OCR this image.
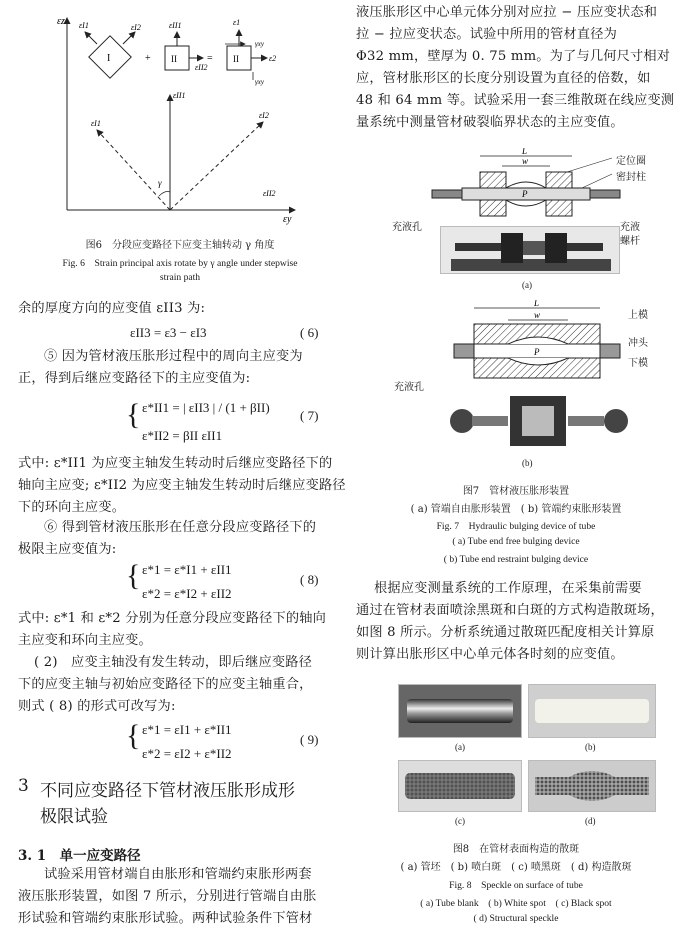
εz
εy
I
εI1	εI2
+ II
εII1
εII2
= II
ε1
ε2
γxy
γxy
εII1
εII2
εI1
εI2
γ
图6　分段应变路径下应变主轴转动 γ 角度
Fig. 6　Strain principal axis rotate by γ angle under stepwise
strain path
余的厚度方向的应变值 εII3 为:
εII3 = ε3 − εI3	( 6)
⑤ 因为管材液压胀形过程中的周向主应变为
正，得到后继应变路径下的主应变值为:
{ ε*II1 = | εII3 | / (1 + βII)
ε*II2 = βII εII1
( 7)
式中: ε*II1 为应变主轴发生转动时后继应变路径下的
轴向主应变; ε*II2 为应变主轴发生转动时后继应变路径
下的环向主应变。
⑥ 得到管材液压胀形在任意分段应变路径下的
极限主应变值为:
{ ε*1 = ε*I1 + εII1
ε*2 = ε*I2 + εII2
( 8)
式中: ε*1 和 ε*2 分别为任意分段应变路径下的轴向
主应变和环向主应变。
( 2)　应变主轴没有发生转动，即后继应变路径
下的应变主轴与初始应变路径下的应变主轴重合，
则式 ( 8) 的形式可改写为:
{ ε*1 = εI1 + ε*II1
ε*2 = εI2 + ε*II2
( 9)
3 不同应变路径下管材液压胀形成形
极限试验
3. 1　单一应变路径
试验采用管材端自由胀形和管端约束胀形两套
液压胀形装置，如图 7 所示，分别进行管端自由胀
形试验和管端约束胀形试验。两种试验条件下管材
液压胀形区中心单元体分别对应拉 − 压应变状态和
拉 − 拉应变状态。试验中所用的管材直径为
Φ32 mm，壁厚为 0. 75 mm。为了与几何尺寸相对
应，管材胀形区的长度分别设置为直径的倍数，如
48 和 64 mm 等。试验采用一套三维散斑在线应变测
量系统中测量管材破裂临界状态的主应变值。
L
w
P
定位圈
密封柱
充液孔	充液
螺杆
(a)
L
w
P
上模
冲头
下模
充液孔
(b)
图7　管材液压胀形装置
( a) 管端自由胀形装置　( b) 管端约束胀形装置
Fig. 7　Hydraulic bulging device of tube
( a) Tube end free bulging device
( b) Tube end restraint bulging device
根据应变测量系统的工作原理，在采集前需要
通过在管材表面喷涂黑斑和白斑的方式构造散斑场，
如图 8 所示。分析系统通过散斑匹配度相关计算原
则计算出胀形区中心单元体各时刻的应变值。
(a)	(b)
(c)	(d)
图8　在管材表面构造的散斑
( a) 管坯　( b) 喷白斑　( c) 喷黑斑　( d) 构造散斑
Fig. 8　Speckle on surface of tube
( a) Tube blank　( b) White spot　( c) Black spot
( d) Structural speckle
